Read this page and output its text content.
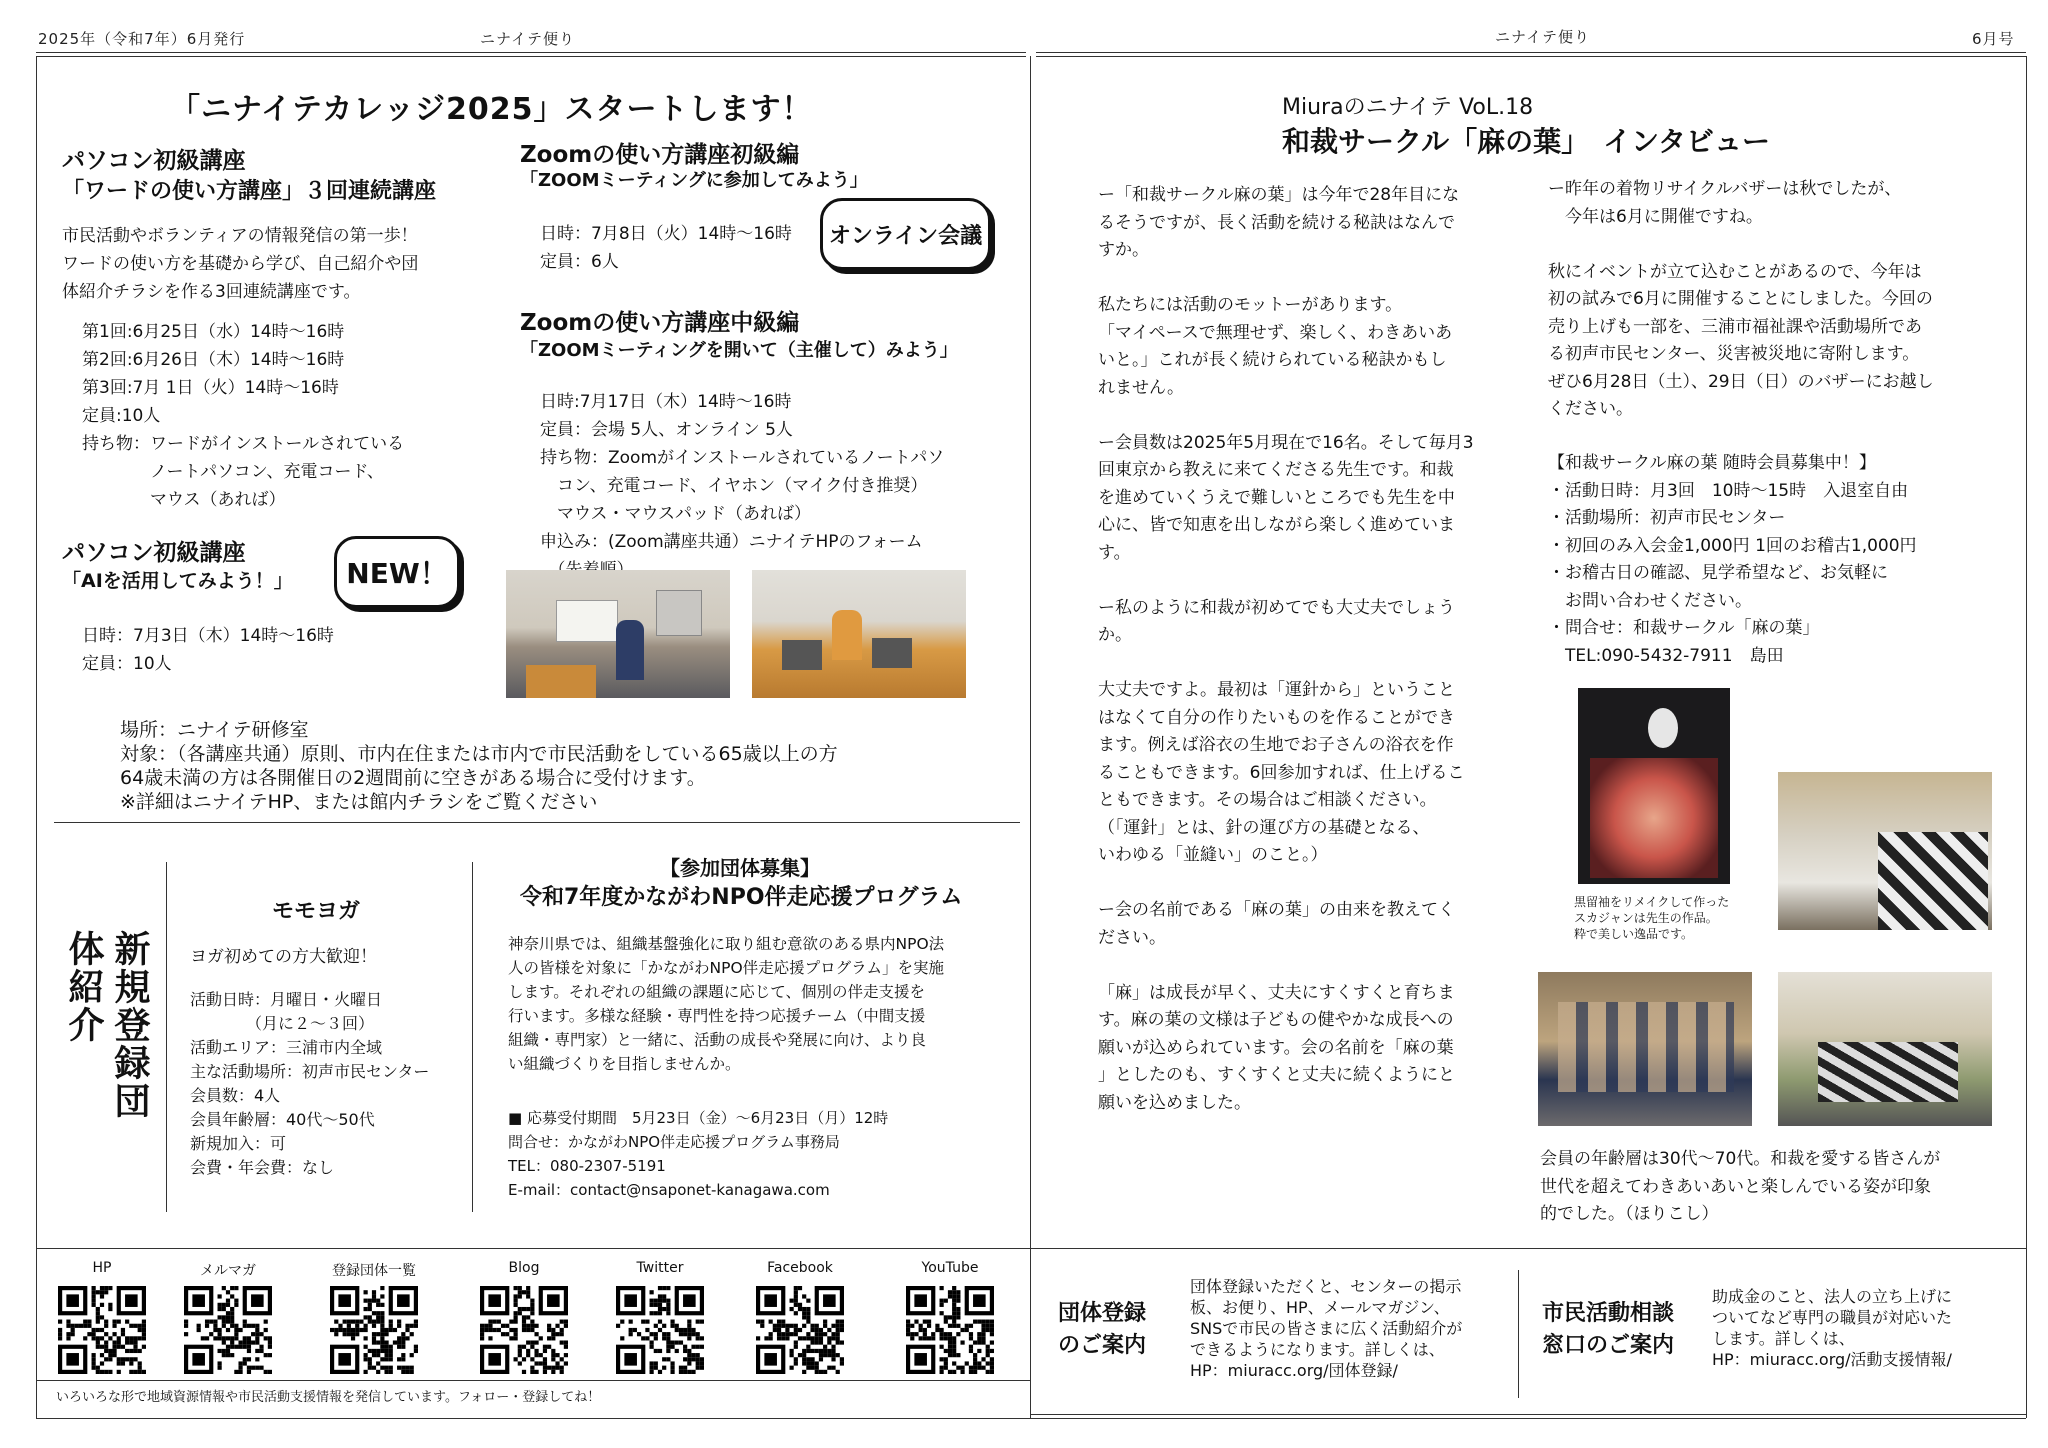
2025年（令和7年）6月発行	ニナイテ便り	ニナイテ便り	6月号
「ニナイテカレッジ2025」スタートします！
パソコン初級講座
「ワードの使い方講座」３回連続講座
市民活動やボランティアの情報発信の第一歩！
ワードの使い方を基礎から学び、自己紹介や団
体紹介チラシを作る3回連続講座です。
第1回:6月25日（水）14時～16時
第2回:6月26日（木）14時～16時
第3回:7月 1日（火）14時～16時
定員:10人
持ち物：ワードがインストールされている
　　　　ノートパソコン、充電コード、
　　　　マウス（あれば）
パソコン初級講座
「AIを活用してみよう！」 NEW！
日時：7月3日（木）14時～16時
定員：10人
Zoomの使い方講座初級編
「ZOOMミーティングに参加してみよう」
オンライン会議
日時：7月8日（火）14時～16時
定員：6人
Zoomの使い方講座中級編
「ZOOMミーティングを開いて（主催して）みよう」
日時:7月17日（木）14時～16時
定員：会場 5人、オンライン 5人
持ち物：Zoomがインストールされているノートパソ
　コン、充電コード、イヤホン（マイク付き推奨）
　マウス・マウスパッド（あれば）
申込み：(Zoom講座共通）ニナイテHPのフォーム

場所：ニナイテ研修室
対象：（各講座共通）原則、市内在住または市内で市民活動をしている65歳以上の方
64歳未満の方は各開催日の2週間前に空きがある場合に受付けます。
※詳細はニナイテHP、または館内チラシをご覧ください
新規登録団体紹介
モモヨガ
ヨガ初めての方大歓迎！
活動日時：月曜日・火曜日
　　　　（月に２～３回）
活動エリア：三浦市内全域
主な活動場所：初声市民センター
会員数：4人
会員年齢層：40代～50代
新規加入：可
会費・年会費：なし
【参加団体募集】
令和7年度かながわNPO伴走応援プログラム
神奈川県では、組織基盤強化に取り組む意欲のある県内NPO法
人の皆様を対象に「かながわNPO伴走応援プログラム」を実施
します。それぞれの組織の課題に応じて、個別の伴走支援を
行います。多様な経験・専門性を持つ応援チーム（中間支援
組織・専門家）と一緒に、活動の成長や発展に向け、より良
い組織づくりを目指しませんか。
■ 応募受付期間　5月23日（金）～6月23日（月）12時
問合せ：かながわNPO伴走応援プログラム事務局
TEL：080-2307-5191
E-mail：contact@nsaponet-kanagawa.com
HP	メルマガ	登録団体一覧	Blog	Twitter	Facebook	YouTube
いろいろな形で地域資源情報や市民活動支援情報を発信しています。フォロー・登録してね！
Miuraのニナイテ VoL.18
和裁サークル「麻の葉」　インタビュー
ー「和裁サークル麻の葉」は今年で28年目にな
るそうですが、長く活動を続ける秘訣はなんで
すか。

私たちには活動のモットーがあります。
「マイペースで無理せず、楽しく、わきあいあ
いと。」これが長く続けられている秘訣かもし
れません。

ー会員数は2025年5月現在で16名。そして毎月3
回東京から教えに来てくださる先生です。和裁
を進めていくうえで難しいところでも先生を中
心に、皆で知恵を出しながら楽しく進めていま
す。

ー私のように和裁が初めてでも大丈夫でしょう
か。

大丈夫ですよ。最初は「運針から」ということ
はなくて自分の作りたいものを作ることができ
ます。例えば浴衣の生地でお子さんの浴衣を作
ることもできます。6回参加すれば、仕上げるこ
ともできます。その場合はご相談ください。
（「運針」とは、針の運び方の基礎となる、
いわゆる「並縫い」のこと。）

ー会の名前である「麻の葉」の由来を教えてく
ださい。

「麻」は成長が早く、丈夫にすくすくと育ちま
す。麻の葉の文様は子どもの健やかな成長への
願いが込められています。会の名前を「麻の葉
」としたのも、すくすくと丈夫に続くようにと
願いを込めました。
ー昨年の着物リサイクルバザーは秋でしたが、
　今年は6月に開催ですね。

秋にイベントが立て込むことがあるので、今年は
初の試みで6月に開催することにしました。今回の
売り上げも一部を、三浦市福祉課や活動場所であ
る初声市民センター、災害被災地に寄附します。
ぜひ6月28日（土）、29日（日）のバザーにお越し
ください。
【和裁サークル麻の葉 随時会員募集中！】
・活動日時：月3回　10時～15時　入退室自由
・活動場所：初声市民センター
・初回のみ入会金1,000円 1回のお稽古1,000円
・お稽古日の確認、見学希望など、お気軽に
　お問い合わせください。
・問合せ：和裁サークル「麻の葉」
　TEL:090-5432-7911　島田
黒留袖をリメイクして作った
スカジャンは先生の作品。
粋で美しい逸品です。
会員の年齢層は30代～70代。和裁を愛する皆さんが
世代を超えてわきあいあいと楽しんでいる姿が印象
的でした。（ほりこし）
団体登録
のご案内
団体登録いただくと、センターの掲示
板、お便り、HP、メールマガジン、
SNSで市民の皆さまに広く活動紹介が
できるようになります。詳しくは、
HP：miuracc.org/団体登録/
市民活動相談
窓口のご案内
助成金のこと、法人の立ち上げに
ついてなど専門の職員が対応いた
します。詳しくは、
HP：miuracc.org/活動支援情報/
